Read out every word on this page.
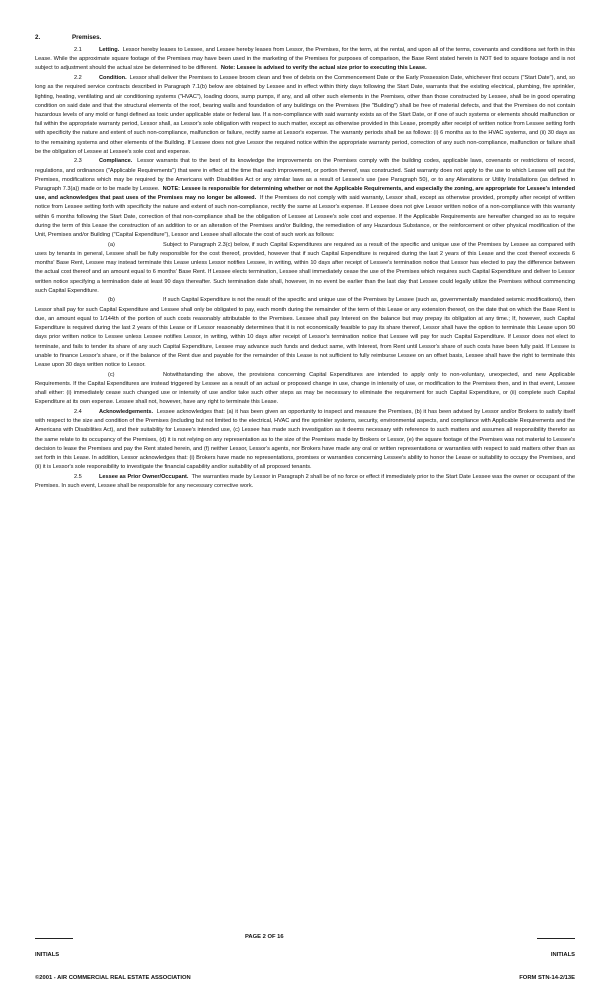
2.	Premises.

2.1	Letting. Lessor hereby leases to Lessee, and Lessee hereby leases from Lessor, the Premises, for the term, at the rental, and upon all of the terms, covenants and conditions set forth in this Lease. While the approximate square footage of the Premises may have been used in the marketing of the Premises for purposes of comparison, the Base Rent stated herein is NOT tied to square footage and is not subject to adjustment should the actual size be determined to be different. Note: Lessee is advised to verify the actual size prior to executing this Lease.

2.2	Condition. Lessor shall deliver the Premises to Lessee broom clean and free of debris on the Commencement Date or the Early Possession Date, whichever first occurs ("Start Date"), and, so long as the required service contracts described in Paragraph 7.1(b) below are obtained by Lessee and in effect within thirty days following the Start Date, warrants that the existing electrical, plumbing, fire sprinkler, lighting, heating, ventilating and air conditioning systems ("HVAC"), loading doors, sump pumps, if any, and all other such elements in the Premises, other than those constructed by Lessee, shall be in good operating condition on said date and that the structural elements of the roof, bearing walls and foundation of any buildings on the Premises (the "Building") shall be free of material defects, and that the Premises do not contain hazardous levels of any mold or fungi defined as toxic under applicable state or federal law. If a non-compliance with said warranty exists as of the Start Date, or if one of such systems or elements should malfunction or fail within the appropriate warranty period, Lessor shall, as Lessor's sole obligation with respect to such matter, except as otherwise provided in this Lease, promptly after receipt of written notice from Lessee setting forth with specificity the nature and extent of such non-compliance, malfunction or failure, rectify same at Lessor's expense. The warranty periods shall be as follows: (i) 6 months as to the HVAC systems, and (ii) 30 days as to the remaining systems and other elements of the Building. If Lessee does not give Lessor the required notice within the appropriate warranty period, correction of any such non-compliance, malfunction or failure shall be the obligation of Lessee at Lessee's sole cost and expense.

2.3	Compliance. Lessor warrants that to the best of its knowledge the improvements on the Premises comply with the building codes, applicable laws, covenants or restrictions of record, regulations, and ordinances ("Applicable Requirements") that were in effect at the time that each improvement, or portion thereof, was constructed. Said warranty does not apply to the use to which Lessee will put the Premises, modifications which may be required by the Americans with Disabilities Act or any similar laws as a result of Lessee's use (see Paragraph 50), or to any Alterations or Utility Installations (as defined in Paragraph 7.3(a)) made or to be made by Lessee. NOTE: Lessee is responsible for determining whether or not the Applicable Requirements, and especially the zoning, are appropriate for Lessee's intended use, and acknowledges that past uses of the Premises may no longer be allowed. If the Premises do not comply with said warranty, Lessor shall, except as otherwise provided, promptly after receipt of written notice from Lessee setting forth with specificity the nature and extent of such non-compliance, rectify the same at Lessor's expense. If Lessee does not give Lessor written notice of a non-compliance with this warranty within 6 months following the Start Date, correction of that non-compliance shall be the obligation of Lessee at Lessee's sole cost and expense. If the Applicable Requirements are hereafter changed so as to require during the term of this Lease the construction of an addition to or an alteration of the Premises and/or Building, the remediation of any Hazardous Substance, or the reinforcement or other physical modification of the Unit, Premises and/or Building ("Capital Expenditure"), Lessor and Lessee shall allocate the cost of such work as follows:

(a)	Subject to Paragraph 2.3(c) below, if such Capital Expenditures are required as a result of the specific and unique use of the Premises by Lessee as compared with uses by tenants in general, Lessee shall be fully responsible for the cost thereof, provided, however that if such Capital Expenditure is required during the last 2 years of this Lease and the cost thereof exceeds 6 months' Base Rent, Lessee may instead terminate this Lease unless Lessor notifies Lessee, in writing, within 10 days after receipt of Lessee's termination notice that Lessor has elected to pay the difference between the actual cost thereof and an amount equal to 6 months' Base Rent. If Lessee elects termination, Lessee shall immediately cease the use of the Premises which requires such Capital Expenditure and deliver to Lessor written notice specifying a termination date at least 90 days thereafter. Such termination date shall, however, in no event be earlier than the last day that Lessee could legally utilize the Premises without commencing such Capital Expenditure.

(b)	If such Capital Expenditure is not the result of the specific and unique use of the Premises by Lessee (such as, governmentally mandated seismic modifications), then Lessor shall pay for such Capital Expenditure and Lessee shall only be obligated to pay, each month during the remainder of the term of this Lease or any extension thereof, on the date that on which the Base Rent is due, an amount equal to 1/144th of the portion of such costs reasonably attributable to the Premises. Lessee shall pay Interest on the balance but may prepay its obligation at any time.; If, however, such Capital Expenditure is required during the last 2 years of this Lease or if Lessor reasonably determines that it is not economically feasible to pay its share thereof, Lessor shall have the option to terminate this Lease upon 90 days prior written notice to Lessee unless Lessee notifies Lessor, in writing, within 10 days after receipt of Lessor's termination notice that Lessee will pay for such Capital Expenditure. If Lessor does not elect to terminate, and fails to tender its share of any such Capital Expenditure, Lessee may advance such funds and deduct same, with Interest, from Rent until Lessor's share of such costs have been fully paid. If Lessee is unable to finance Lessor's share, or if the balance of the Rent due and payable for the remainder of this Lease is not sufficient to fully reimburse Lessee on an offset basis, Lessee shall have the right to terminate this Lease upon 30 days written notice to Lessor.

(c)	Notwithstanding the above, the provisions concerning Capital Expenditures are intended to apply only to non-voluntary, unexpected, and new Applicable Requirements. If the Capital Expenditures are instead triggered by Lessee as a result of an actual or proposed change in use, change in intensity of use, or modification to the Premises then, and in that event, Lessee shall either: (i) immediately cease such changed use or intensity of use and/or take such other steps as may be necessary to eliminate the requirement for such Capital Expenditure, or (ii) complete such Capital Expenditure at its own expense. Lessee shall not, however, have any right to terminate this Lease.

2.4	Acknowledgements. Lessee acknowledges that: (a) it has been given an opportunity to inspect and measure the Premises, (b) it has been advised by Lessor and/or Brokers to satisfy itself with respect to the size and condition of the Premises (including but not limited to the electrical, HVAC and fire sprinkler systems, security, environmental aspects, and compliance with Applicable Requirements and the Americans with Disabilities Act), and their suitability for Lessee's intended use, (c) Lessee has made such investigation as it deems necessary with reference to such matters and assumes all responsibility therefor as the same relate to its occupancy of the Premises, (d) it is not relying on any representation as to the size of the Premises made by Brokers or Lessor, (e) the square footage of the Premises was not material to Lessee's decision to lease the Premises and pay the Rent stated herein, and (f) neither Lessor, Lessor's agents, nor Brokers have made any oral or written representations or warranties with respect to said matters other than as set forth in this Lease. In addition, Lessor acknowledges that: (i) Brokers have made no representations, promises or warranties concerning Lessee's ability to honor the Lease or suitability to occupy the Premises, and (ii) it is Lessor's sole responsibility to investigate the financial capability and/or suitability of all proposed tenants.

2.5	Lessee as Prior Owner/Occupant. The warranties made by Lessor in Paragraph 2 shall be of no force or effect if immediately prior to the Start Date Lessee was the owner or occupant of the Premises. In such event, Lessee shall be responsible for any necessary corrective work.

PAGE 2 OF 16
INITIALS	INITIALS
©2001 - AIR COMMERCIAL REAL ESTATE ASSOCIATION	FORM STN-14-2/13E
